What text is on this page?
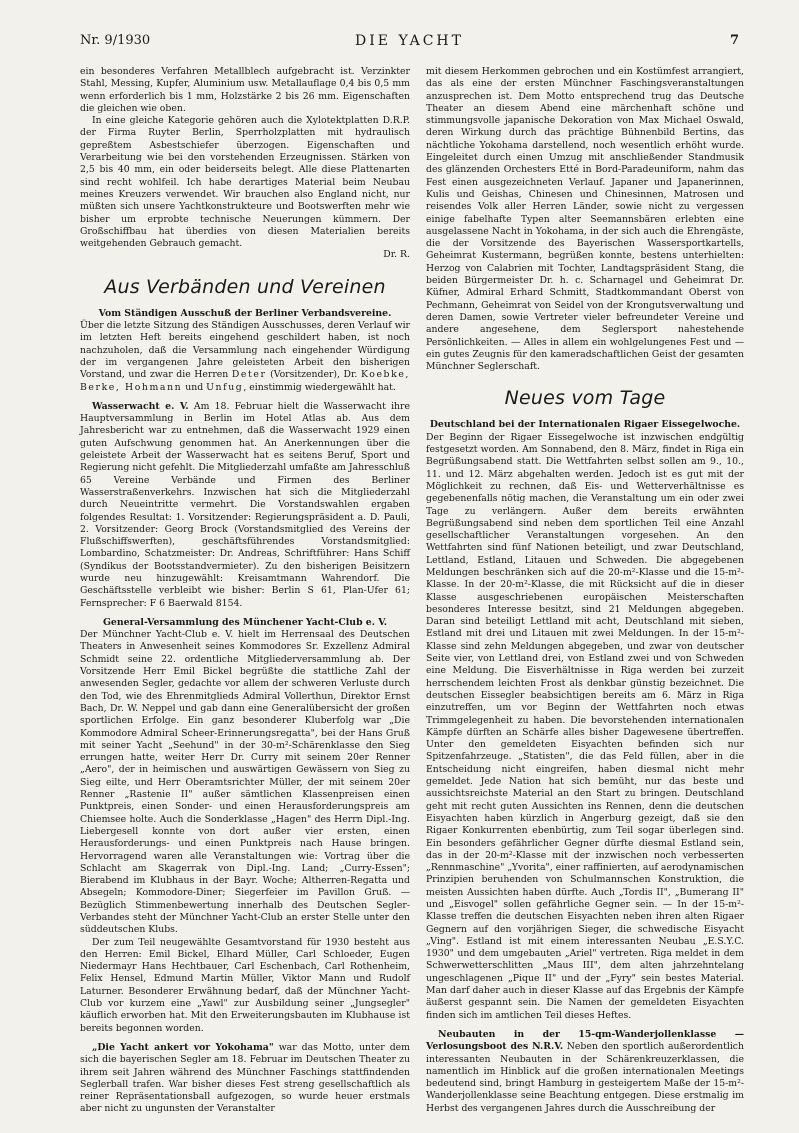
Nr. 9/1930	DIE YACHT	7

ein besonderes Verfahren Metallblech aufgebracht ist. Verzinkter Stahl, Messing, Kupfer, Aluminium usw. Metallauflage 0,4 bis 0,5 mm wenn erforderlich bis 1 mm, Holzstärke 2 bis 26 mm. Eigenschaften die gleichen wie oben.

In eine gleiche Kategorie gehören auch die Xylotektplatten D.R.P. der Firma Ruyter Berlin, Sperrholzplatten mit hydraulisch gepreßtem Asbestschiefer überzogen. Eigenschaften und Verarbeitung wie bei den vorstehenden Erzeugnissen. Stärken von 2,5 bis 40 mm, ein oder beiderseits belegt. Alle diese Plattenarten sind recht wohlfeil. Ich habe derartiges Material beim Neubau meines Kreuzers verwendet. Wir brauchen also England nicht, nur müßten sich unsere Yachtkonstrukteure und Bootswerften mehr wie bisher um erprobte technische Neuerungen kümmern. Der Großschiffbau hat überdies von diesen Materialien bereits weitgehenden Gebrauch gemacht.

Dr. R.

Aus Verbänden und Vereinen

Vom Ständigen Ausschuß der Berliner Verbandsvereine.

Über die letzte Sitzung des Ständigen Ausschusses, deren Verlauf wir im letzten Heft bereits eingehend geschildert haben, ist noch nachzuholen, daß die Versammlung nach eingehender Würdigung der im vergangenen Jahre geleisteten Arbeit den bisherigen Vorstand, und zwar die Herren Deter (Vorsitzender), Dr. Koebke, Berke, Hohmann und Unfug, einstimmig wiedergewählt hat.

Wasserwacht e. V. Am 18. Februar hielt die Wasserwacht ihre Hauptversammlung in Berlin im Hotel Atlas ab. Aus dem Jahresbericht war zu entnehmen, daß die Wasserwacht 1929 einen guten Aufschwung genommen hat. An Anerkennungen über die geleistete Arbeit der Wasserwacht hat es seitens Beruf, Sport und Regierung nicht gefehlt. Die Mitgliederzahl umfaßte am Jahresschluß 65 Vereine Verbände und Firmen des Berliner Wasserstraßenverkehrs. Inzwischen hat sich die Mitgliederzahl durch Neueintritte vermehrt. Die Vorstandswahlen ergaben folgendes Resultat: 1. Vorsitzender: Regierungspräsident a. D. Pauli, 2. Vorsitzender: Georg Brock (Vorstandsmitglied des Vereins der Flußschiffswerften), geschäftsführendes Vorstandsmitglied: Lombardino, Schatzmeister: Dr. Andreas, Schriftführer: Hans Schiff (Syndikus der Bootsstandvermieter). Zu den bisherigen Beisitzern wurde neu hinzugewählt: Kreisamtmann Wahrendorf. Die Geschäftsstelle verbleibt wie bisher: Berlin S 61, Plan-Ufer 61; Fernsprecher: F 6 Baerwald 8154.

General-Versammlung des Münchener Yacht-Club e. V.

Der Münchner Yacht-Club e. V. hielt im Herrensaal des Deutschen Theaters in Anwesenheit seines Kommodores Sr. Exzellenz Admiral Schmidt seine 22. ordentliche Mitgliederversammlung ab. Der Vorsitzende Herr Emil Bickel begrüßte die stattliche Zahl der anwesenden Segler, gedachte vor allem der schweren Verluste durch den Tod, wie des Ehrenmitglieds Admiral Vollerthun, Direktor Ernst Bach, Dr. W. Neppel und gab dann eine Generalübersicht der großen sportlichen Erfolge. Ein ganz besonderer Kluberfolg war „Die Kommodore Admiral Scheer-Erinnerungsregatta", bei der Hans Gruß mit seiner Yacht „Seehund" in der 30-m²-Schärenklasse den Sieg errungen hatte, weiter Herr Dr. Curry mit seinem 20er Renner „Aero", der in heimischen und auswärtigen Gewässern von Sieg zu Sieg eilte, und Herr Oberamtsrichter Müller, der mit seinem 20er Renner „Rastenie II" außer sämtlichen Klassenpreisen einen Punktpreis, einen Sonder- und einen Herausforderungspreis am Chiemsee holte. Auch die Sonderklasse „Hagen" des Herrn Dipl.-Ing. Liebergesell konnte von dort außer vier ersten, einen Herausforderungs- und einen Punktpreis nach Hause bringen. Hervorragend waren alle Veranstaltungen wie: Vortrag über die Schlacht am Skagerrak von Dipl.-Ing. Land; „Curry-Essen"; Bierabend im Klubhaus in der Bayr. Woche; Altherren-Regatta und Absegeln; Kommodore-Diner; Siegerfeier im Pavillon Gruß. — Bezüglich Stimmenbewertung innerhalb des Deutschen Segler-Verbandes steht der Münchner Yacht-Club an erster Stelle unter den süddeutschen Klubs.

Der zum Teil neugewählte Gesamtvorstand für 1930 besteht aus den Herren: Emil Bickel, Elhard Müller, Carl Schloeder, Eugen Niedermayr Hans Hechtbauer, Carl Eschenbach, Carl Rothenheim, Felix Hensel, Edmund Martin Müller, Viktor Mann und Rudolf Laturner. Besonderer Erwähnung bedarf, daß der Münchner Yacht-Club vor kurzem eine „Yawl" zur Ausbildung seiner „Jungsegler" käuflich erworben hat. Mit den Erweiterungsbauten im Klubhause ist bereits begonnen worden.

„Die Yacht ankert vor Yokohama" war das Motto, unter dem sich die bayerischen Segler am 18. Februar im Deutschen Theater zu ihrem seit Jahren während des Münchner Faschings stattfindenden Seglerball trafen. War bisher dieses Fest streng gesellschaftlich als reiner Repräsentationsball aufgezogen, so wurde heuer erstmals aber nicht zu ungunsten der Veranstalter

mit diesem Herkommen gebrochen und ein Kostümfest arrangiert, das als eine der ersten Münchner Faschingsveranstaltungen anzusprechen ist. Dem Motto entsprechend trug das Deutsche Theater an diesem Abend eine märchenhaft schöne und stimmungsvolle japanische Dekoration von Max Michael Oswald, deren Wirkung durch das prächtige Bühnenbild Bertins, das nächtliche Yokohama darstellend, noch wesentlich erhöht wurde. Eingeleitet durch einen Umzug mit anschließender Standmusik des glänzenden Orchesters Etté in Bord-Paradeuniform, nahm das Fest einen ausgezeichneten Verlauf. Japaner und Japanerinnen, Kulis und Geishas, Chinesen und Chinesinnen, Matrosen und reisendes Volk aller Herren Länder, sowie nicht zu vergessen einige fabelhafte Typen alter Seemannsbären erlebten eine ausgelassene Nacht in Yokohama, in der sich auch die Ehrengäste, die der Vorsitzende des Bayerischen Wassersportkartells, Geheimrat Kustermann, begrüßen konnte, bestens unterhielten: Herzog von Calabrien mit Tochter, Landtagspräsident Stang, die beiden Bürgermeister Dr. h. c. Scharnagel und Geheimrat Dr. Küfner, Admiral Erhard Schmitt, Stadtkommandant Oberst von Pechmann, Geheimrat von Seidel von der Krongutsverwaltung und deren Damen, sowie Vertreter vieler befreundeter Vereine und andere angesehene, dem Seglersport nahestehende Persönlichkeiten. — Alles in allem ein wohlgelungenes Fest und — ein gutes Zeugnis für den kameradschaftlichen Geist der gesamten Münchner Seglerschaft.

Neues vom Tage

Deutschland bei der Internationalen Rigaer Eissegelwoche.

Der Beginn der Rigaer Eissegelwoche ist inzwischen endgültig festgesetzt worden. Am Sonnabend, den 8. März, findet in Riga ein Begrüßungsabend statt. Die Wettfahrten selbst sollen am 9., 10., 11. und 12. März abgehalten werden. Jedoch ist es gut mit der Möglichkeit zu rechnen, daß Eis- und Wetterverhältnisse es gegebenenfalls nötig machen, die Veranstaltung um ein oder zwei Tage zu verlängern. Außer dem bereits erwähnten Begrüßungsabend sind neben dem sportlichen Teil eine Anzahl gesellschaftlicher Veranstaltungen vorgesehen. An den Wettfahrten sind fünf Nationen beteiligt, und zwar Deutschland, Lettland, Estland, Litauen und Schweden. Die abgegebenen Meldungen beschränken sich auf die 20-m²-Klasse und die 15-m²-Klasse. In der 20-m²-Klasse, die mit Rücksicht auf die in dieser Klasse ausgeschriebenen europäischen Meisterschaften besonderes Interesse besitzt, sind 21 Meldungen abgegeben. Daran sind beteiligt Lettland mit acht, Deutschland mit sieben, Estland mit drei und Litauen mit zwei Meldungen. In der 15-m²-Klasse sind zehn Meldungen abgegeben, und zwar von deutscher Seite vier, von Lettland drei, von Estland zwei und von Schweden eine Meldung. Die Eisverhältnisse in Riga werden bei zurzeit herrschendem leichten Frost als denkbar günstig bezeichnet. Die deutschen Eissegler beabsichtigen bereits am 6. März in Riga einzutreffen, um vor Beginn der Wettfahrten noch etwas Trimmgelegenheit zu haben. Die bevorstehenden internationalen Kämpfe dürften an Schärfe alles bisher Dagewesene übertreffen. Unter den gemeldeten Eisyachten befinden sich nur Spitzenfahrzeuge. „Statisten", die das Feld füllen, aber in die Entscheidung nicht eingreifen, haben diesmal nicht mehr gemeldet. Jede Nation hat sich bemüht, nur das beste und aussichtsreichste Material an den Start zu bringen. Deutschland geht mit recht guten Aussichten ins Rennen, denn die deutschen Eisyachten haben kürzlich in Angerburg gezeigt, daß sie den Rigaer Konkurrenten ebenbürtig, zum Teil sogar überlegen sind. Ein besonders gefährlicher Gegner dürfte diesmal Estland sein, das in der 20-m²-Klasse mit der inzwischen noch verbesserten „Rennmaschine" „Yvorita", einer raffinierten, auf aerodynamischen Prinzipien beruhenden von Schulmannschen Konstruktion, die meisten Aussichten haben dürfte. Auch „Tordis II", „Bumerang II" und „Eisvogel" sollen gefährliche Gegner sein. — In der 15-m²-Klasse treffen die deutschen Eisyachten neben ihren alten Rigaer Gegnern auf den vorjährigen Sieger, die schwedische Eisyacht „Ving". Estland ist mit einem interessanten Neubau „E.S.Y.C. 1930" und dem umgebauten „Ariel" vertreten. Riga meldet in dem Schwerwetterschlitten „Maus III", dem alten jahrzehntelang ungeschlagenen „Pique II" und der „Fyry" sein bestes Material. Man darf daher auch in dieser Klasse auf das Ergebnis der Kämpfe äußerst gespannt sein. Die Namen der gemeldeten Eisyachten finden sich im amtlichen Teil dieses Heftes.

Neubauten in der 15-qm-Wanderjollenklasse — Verlosungsboot des N.R.V. Neben den sportlich außerordentlich interessanten Neubauten in der Schärenkreuzerklassen, die namentlich im Hinblick auf die großen internationalen Meetings bedeutend sind, bringt Hamburg in gesteigertem Maße der 15-m²-Wanderjollenklasse seine Beachtung entgegen. Diese erstmalig im Herbst des vergangenen Jahres durch die Ausschreibung der
